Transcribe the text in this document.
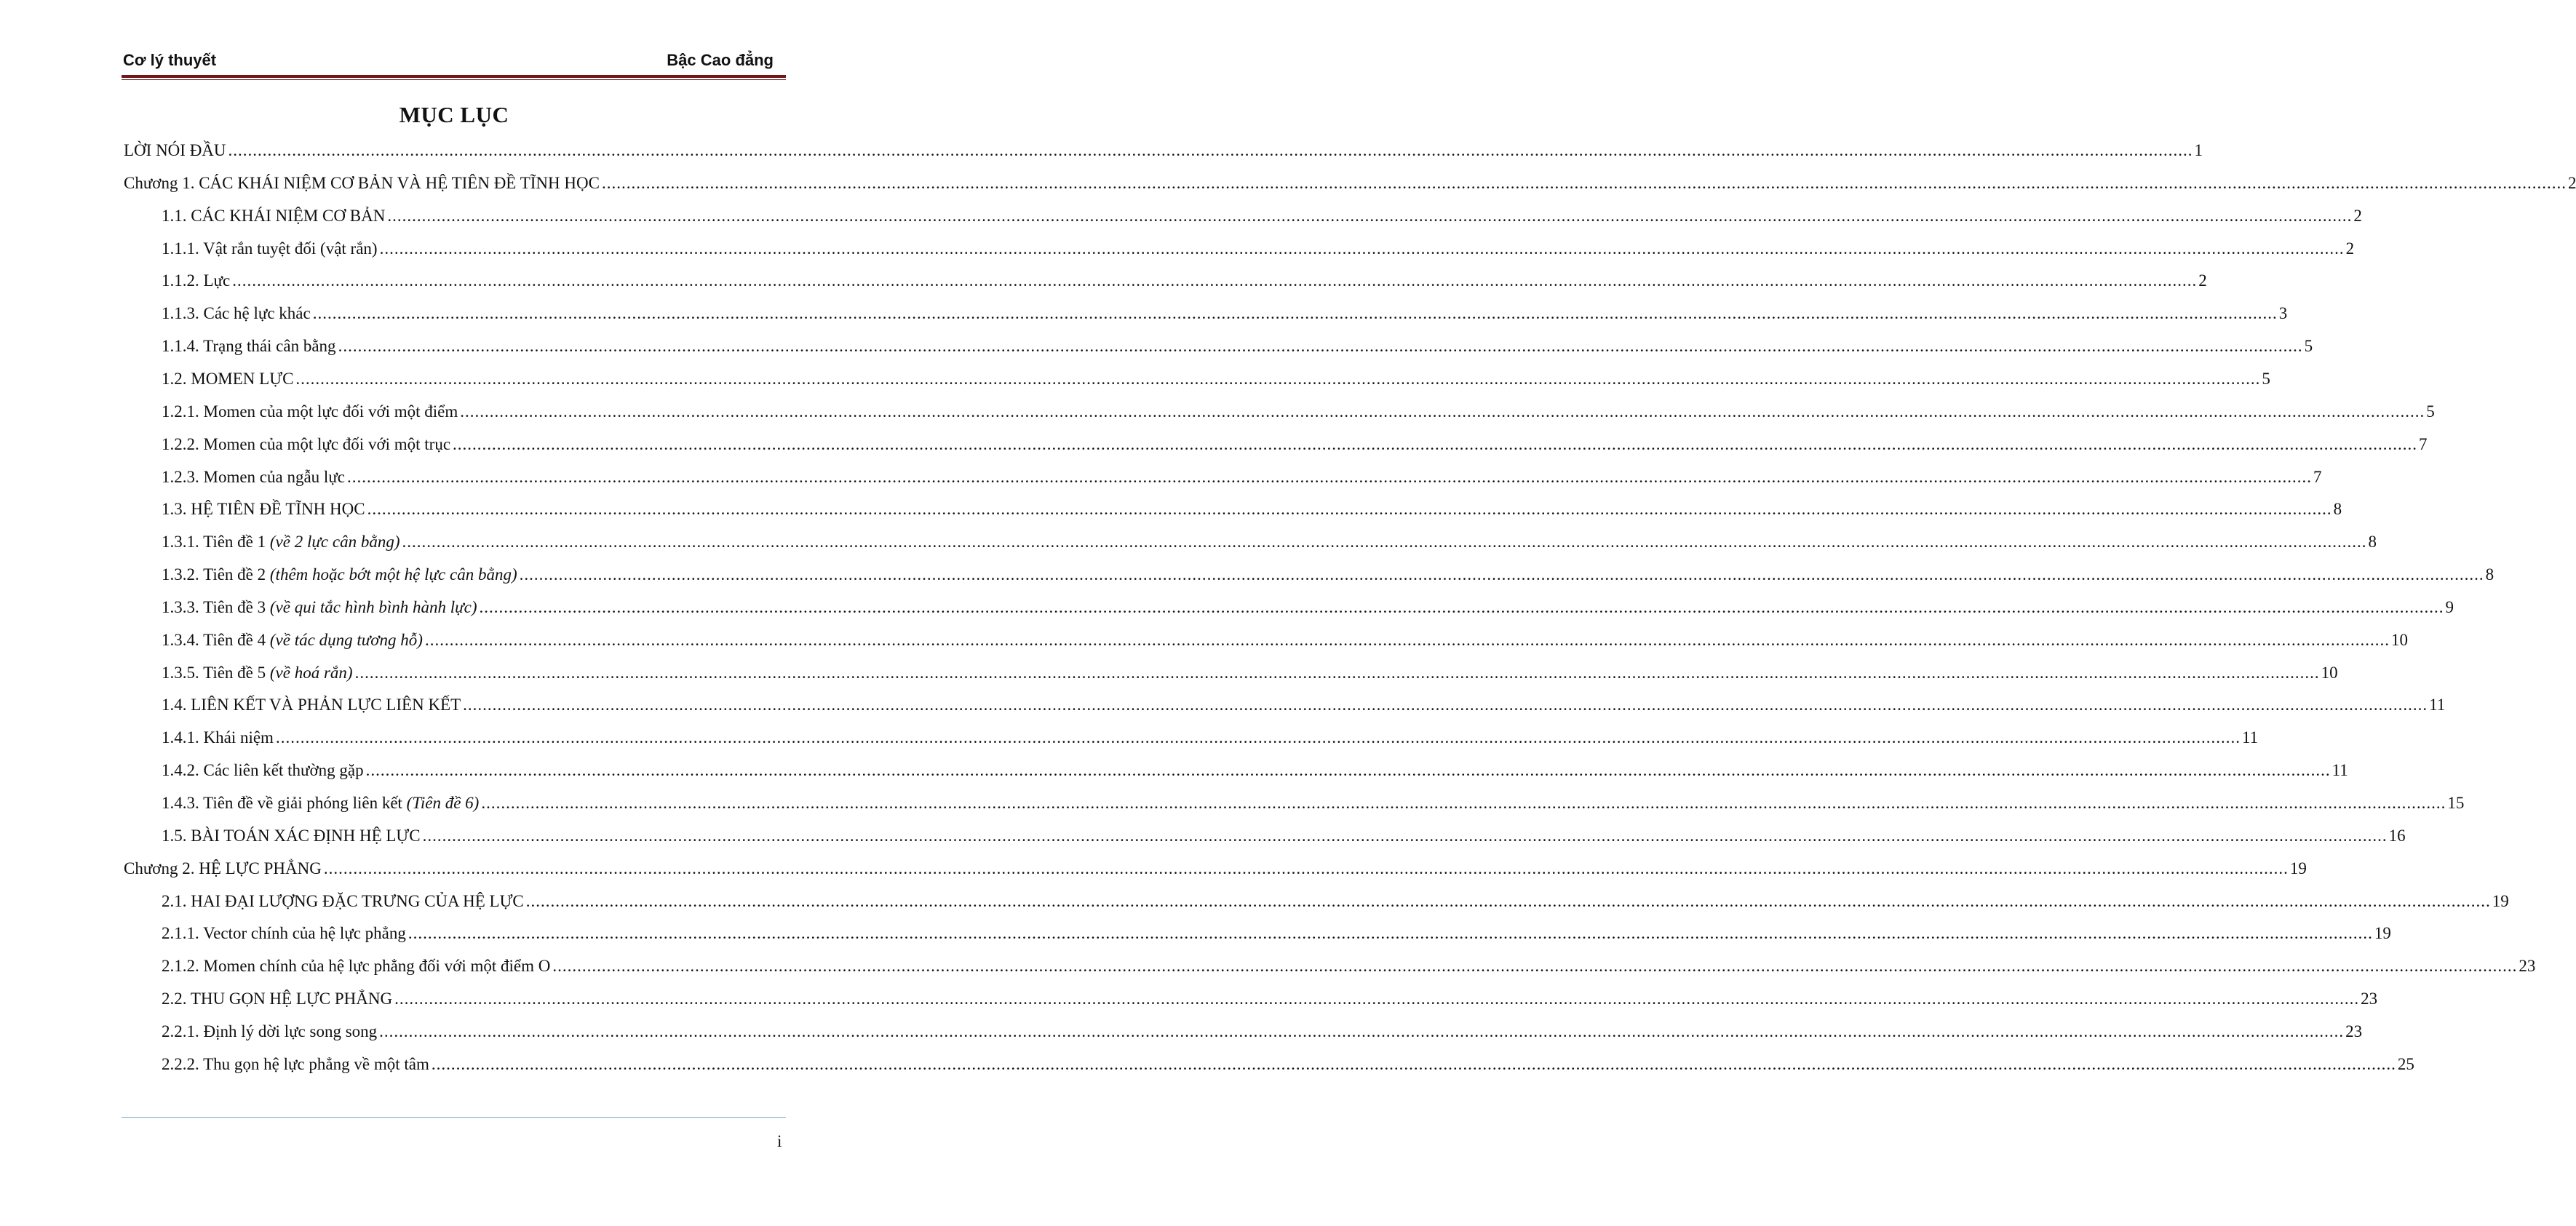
Cơ lý thuyết	Bậc Cao đẳng
MỤC LỤC
LỜI NÓI ĐẦU ................................................................................................................................................................................................................................................................................................................................................................................................................ 1
Chương 1. CÁC KHÁI NIỆM CƠ BẢN VÀ HỆ TIÊN ĐỀ TĨNH HỌC ................................................................................................................................................................................................................................................................................................................................................................................................................ 2
1.1. CÁC KHÁI NIỆM CƠ BẢN ................................................................................................................................................................................................................................................................................................................................................................................................................ 2
1.1.1. Vật rắn tuyệt đối (vật rắn) ................................................................................................................................................................................................................................................................................................................................................................................................................ 2
1.1.2. Lực ................................................................................................................................................................................................................................................................................................................................................................................................................ 2
1.1.3. Các hệ lực khác ................................................................................................................................................................................................................................................................................................................................................................................................................ 3
1.1.4. Trạng thái cân bằng ................................................................................................................................................................................................................................................................................................................................................................................................................ 5
1.2. MOMEN LỰC ................................................................................................................................................................................................................................................................................................................................................................................................................ 5
1.2.1. Momen của một lực đối với một điểm ................................................................................................................................................................................................................................................................................................................................................................................................................ 5
1.2.2. Momen của một lực đối với một trục ................................................................................................................................................................................................................................................................................................................................................................................................................ 7
1.2.3. Momen của ngẫu lực ................................................................................................................................................................................................................................................................................................................................................................................................................ 7
1.3. HỆ TIÊN ĐỀ TĨNH HỌC ................................................................................................................................................................................................................................................................................................................................................................................................................ 8
1.3.1. Tiên đề 1 (về 2 lực cân bằng) ................................................................................................................................................................................................................................................................................................................................................................................................................ 8
1.3.2. Tiên đề 2 (thêm hoặc bớt một hệ lực cân bằng) ................................................................................................................................................................................................................................................................................................................................................................................................................ 8
1.3.3. Tiên đề 3 (về qui tắc hình bình hành lực) ................................................................................................................................................................................................................................................................................................................................................................................................................ 9
1.3.4. Tiên đề 4 (về tác dụng tương hỗ) ................................................................................................................................................................................................................................................................................................................................................................................................................ 10
1.3.5. Tiên đề 5 (về hoá rắn) ................................................................................................................................................................................................................................................................................................................................................................................................................ 10
1.4. LIÊN KẾT VÀ PHẢN LỰC LIÊN KẾT ................................................................................................................................................................................................................................................................................................................................................................................................................ 11
1.4.1. Khái niệm ................................................................................................................................................................................................................................................................................................................................................................................................................ 11
1.4.2. Các liên kết thường gặp ................................................................................................................................................................................................................................................................................................................................................................................................................ 11
1.4.3. Tiên đề về giải phóng liên kết (Tiên đề 6) ................................................................................................................................................................................................................................................................................................................................................................................................................ 15
1.5. BÀI TOÁN XÁC ĐỊNH HỆ LỰC ................................................................................................................................................................................................................................................................................................................................................................................................................ 16
Chương 2. HỆ LỰC PHẲNG ................................................................................................................................................................................................................................................................................................................................................................................................................ 19
2.1. HAI ĐẠI LƯỢNG ĐẶC TRƯNG CỦA HỆ LỰC ................................................................................................................................................................................................................................................................................................................................................................................................................ 19
2.1.1. Vector chính của hệ lực phẳng ................................................................................................................................................................................................................................................................................................................................................................................................................ 19
2.1.2. Momen chính của hệ lực phẳng đối với một điểm O ................................................................................................................................................................................................................................................................................................................................................................................................................ 23
2.2. THU GỌN HỆ LỰC PHẲNG ................................................................................................................................................................................................................................................................................................................................................................................................................ 23
2.2.1. Định lý dời lực song song ................................................................................................................................................................................................................................................................................................................................................................................................................ 23
2.2.2. Thu gọn hệ lực phẳng về một tâm ................................................................................................................................................................................................................................................................................................................................................................................................................ 25
i
